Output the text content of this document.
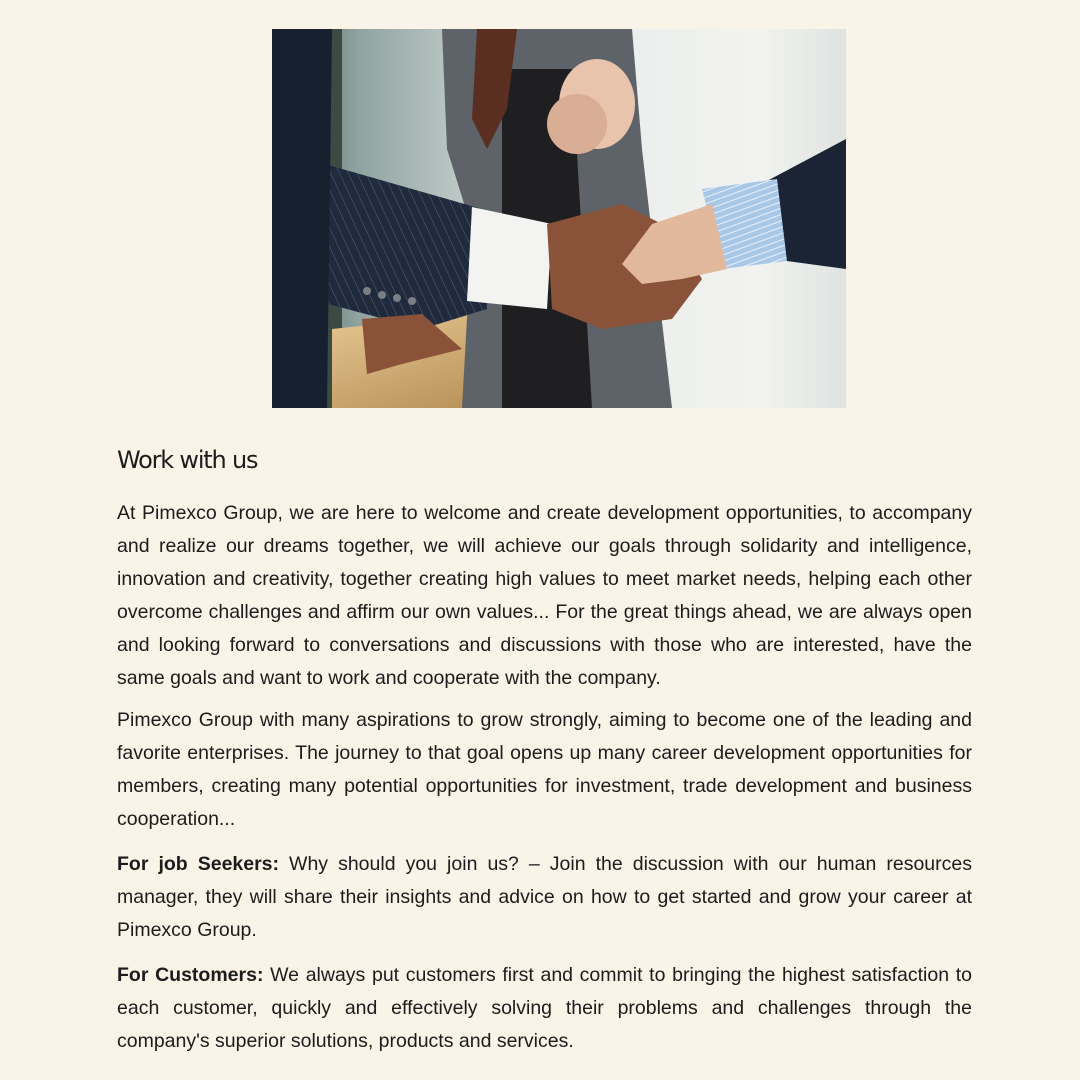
Work with us

At Pimexco Group, we are here to welcome and create development opportunities, to accompany and realize our dreams together, we will achieve our goals through solidarity and intelligence, innovation and creativity, together creating high values to meet market needs, helping each other overcome challenges and affirm our own values... For the great things ahead, we are always open and looking forward to conversations and discussions with those who are interested, have the same goals and want to work and cooperate with the company.

Pimexco Group with many aspirations to grow strongly, aiming to become one of the leading and favorite enterprises. The journey to that goal opens up many career development opportunities for members, creating many potential opportunities for investment, trade development and business cooperation...

For job Seekers: Why should you join us? – Join the discussion with our human resources manager, they will share their insights and advice on how to get started and grow your career at Pimexco Group.

For Customers: We always put customers first and commit to bringing the highest satisfaction to each customer, quickly and effectively solving their problems and challenges through the company's superior solutions, products and services.
